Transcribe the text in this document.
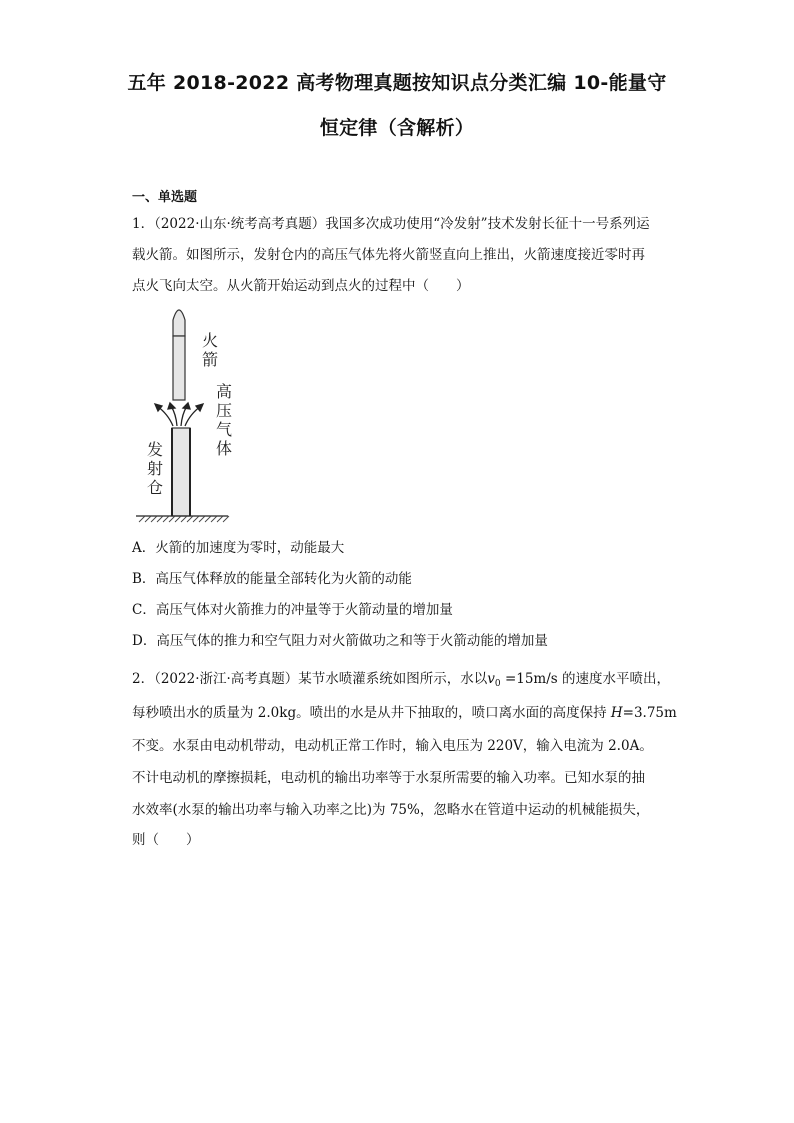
五年 2018-2022 高考物理真题按知识点分类汇编 10-能量守
恒定律（含解析）
一、单选题
1．（2022·山东·统考高考真题）我国多次成功使用“冷发射”技术发射长征十一号系列运
载火箭。如图所示，发射仓内的高压气体先将火箭竖直向上推出，火箭速度接近零时再
点火飞向太空。从火箭开始运动到点火的过程中（　　）
火
箭
高
压
气
体
发
射
仓
A．火箭的加速度为零时，动能最大
B．高压气体释放的能量全部转化为火箭的动能
C．高压气体对火箭推力的冲量等于火箭动量的增加量
D．高压气体的推力和空气阻力对火箭做功之和等于火箭动能的增加量
2．（2022·浙江·高考真题）某节水喷灌系统如图所示，水以$v_0 =15m/s$ 的速度水平喷出，
每秒喷出水的质量为 2.0kg。喷出的水是从井下抽取的，喷口离水面的高度保持 H=3.75m
不变。水泵由电动机带动，电动机正常工作时，输入电压为 220V，输入电流为 2.0A。
不计电动机的摩擦损耗，电动机的输出功率等于水泵所需要的输入功率。已知水泵的抽
水效率(水泵的输出功率与输入功率之比)为 75%，忽略水在管道中运动的机械能损失，
则（　　）
